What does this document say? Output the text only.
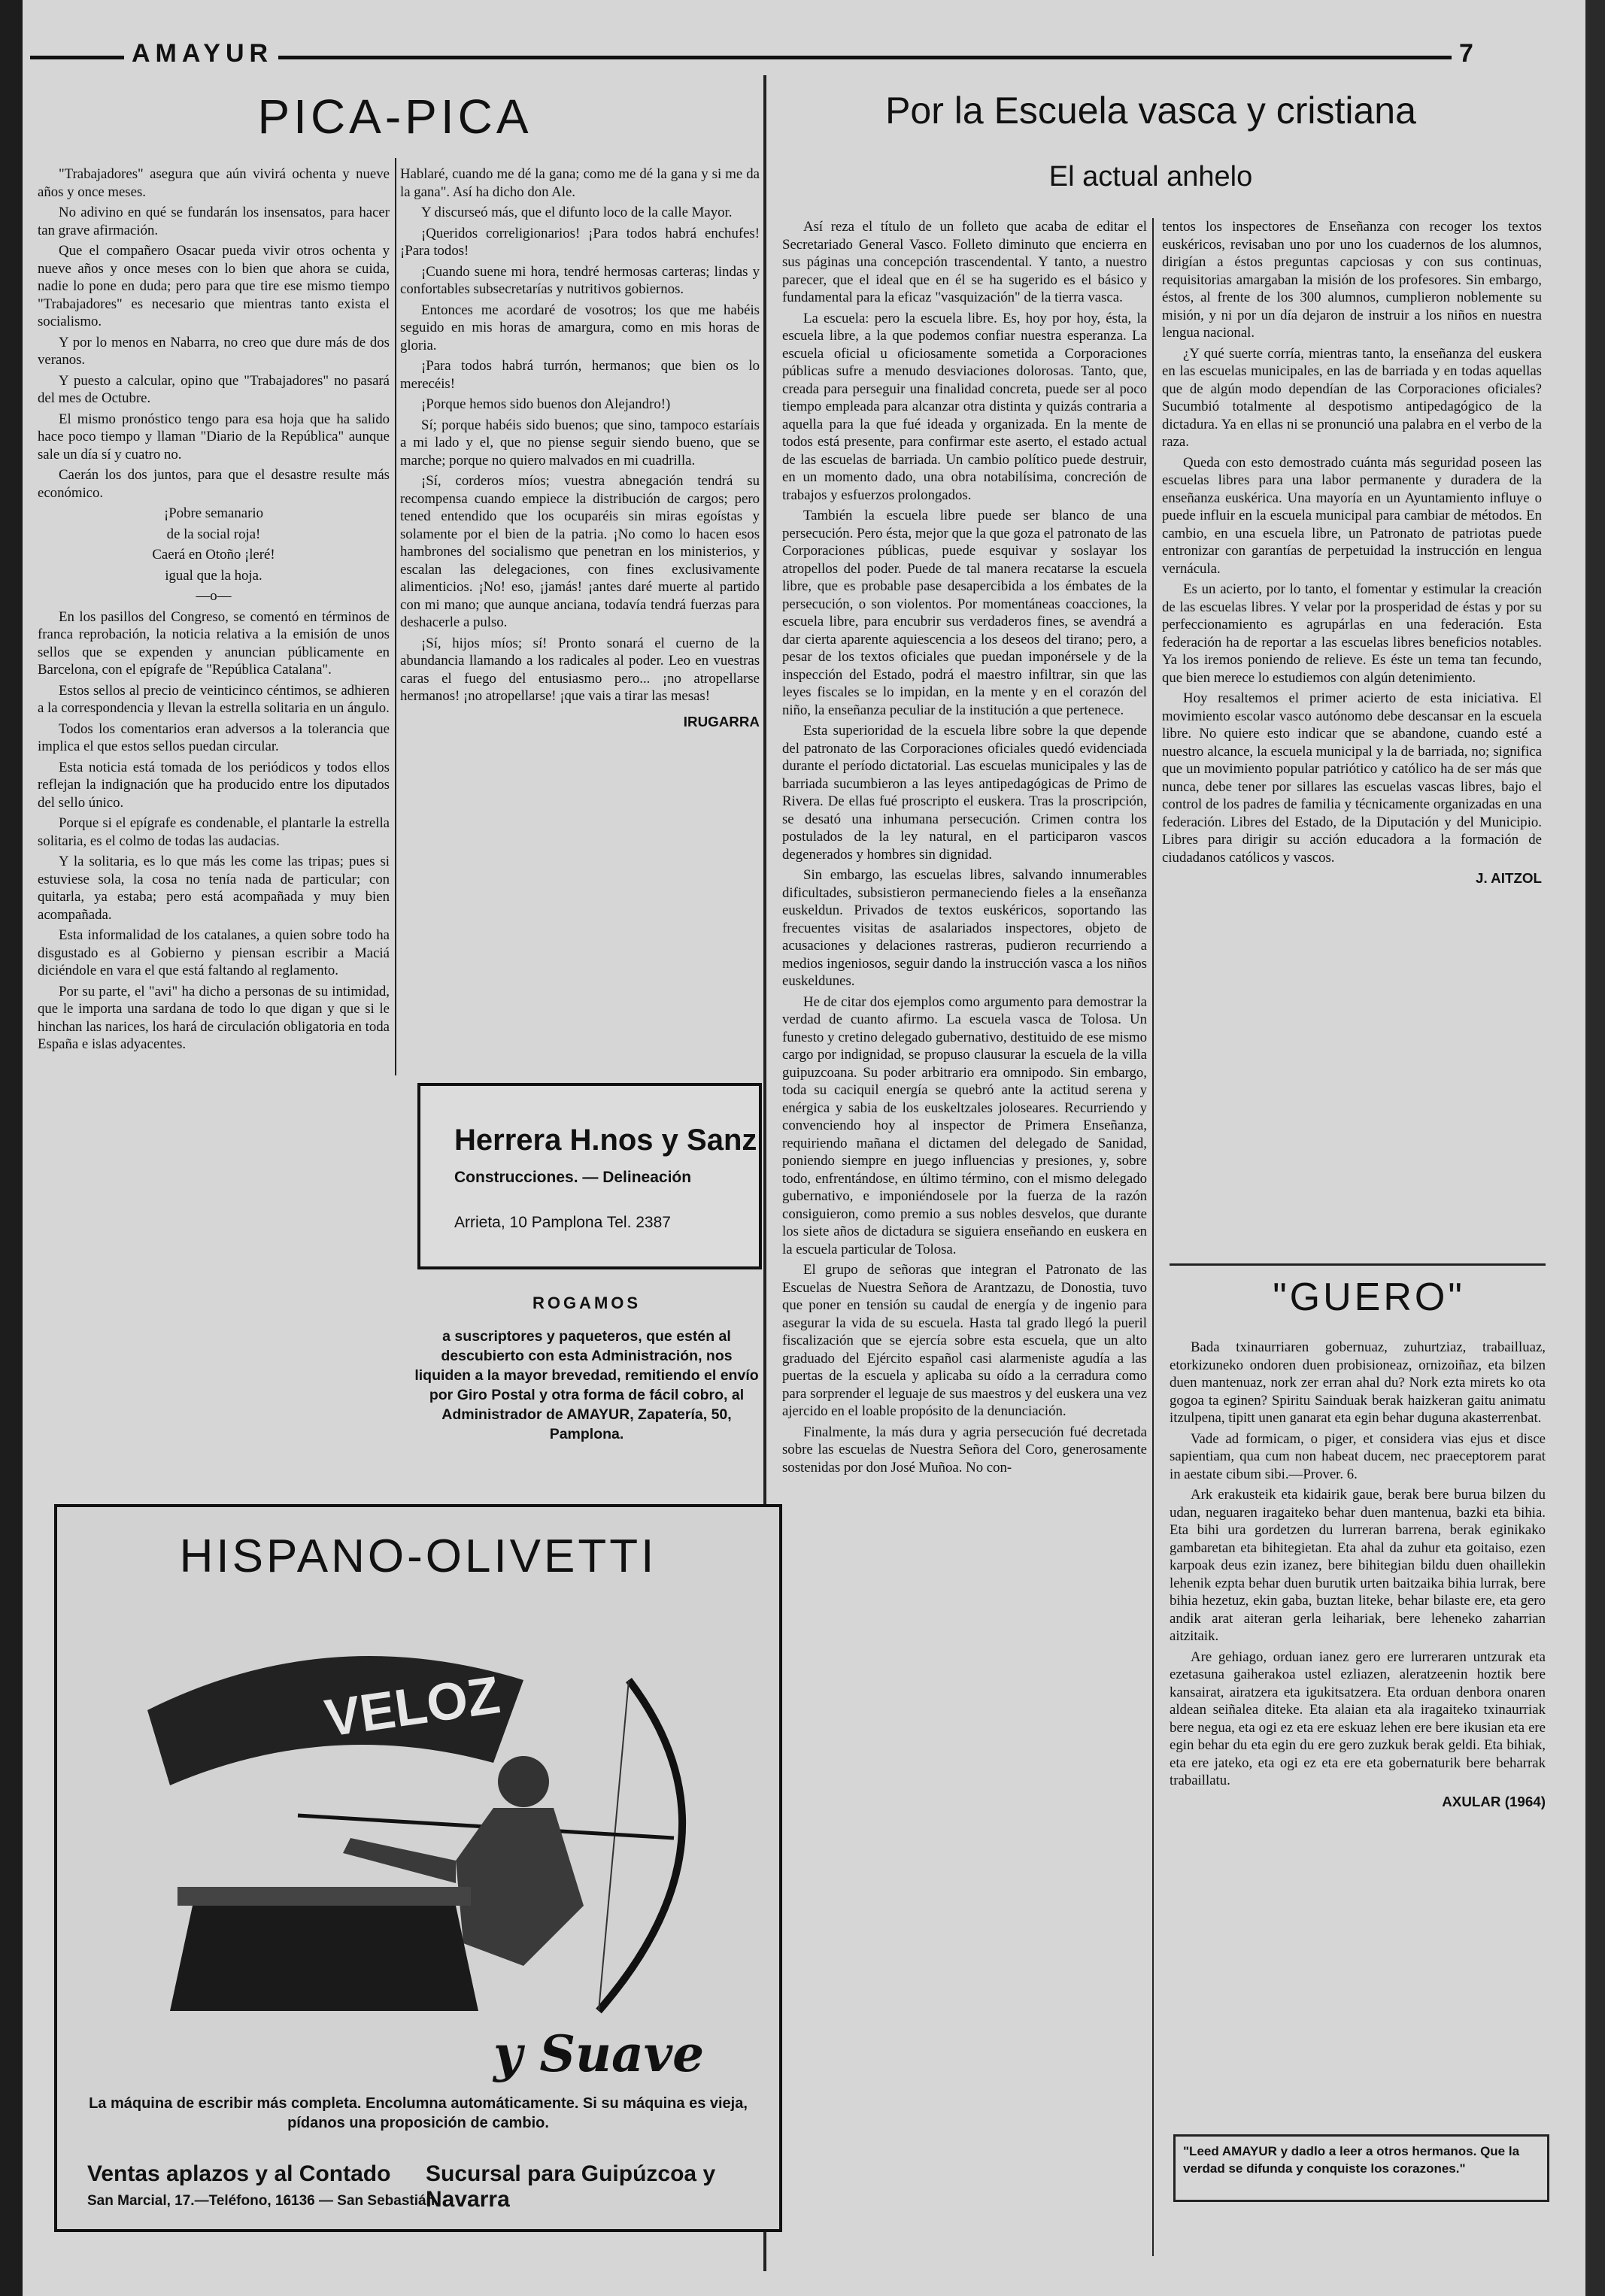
AMAYUR	7
PICA-PICA

"Trabajadores" asegura que aún vivirá ochenta y nueve años y once meses.

No adivino en qué se fundarán los insensatos, para hacer tan grave afirmación.

Que el compañero Osacar pueda vivir otros ochenta y nueve años y once meses con lo bien que ahora se cuida, nadie lo pone en duda; pero para que tire ese mismo tiempo "Trabajadores" es necesario que mientras tanto exista el socialismo.

Y por lo menos en Nabarra, no creo que dure más de dos veranos.

Y puesto a calcular, opino que "Trabajadores" no pasará del mes de Octubre.

El mismo pronóstico tengo para esa hoja que ha salido hace poco tiempo y llaman "Diario de la República" aunque sale un día sí y cuatro no.

Caerán los dos juntos, para que el desastre resulte más económico.

¡Pobre semanario

de la social roja!

Caerá en Otoño ¡leré!

igual que la hoja.

—o—

En los pasillos del Congreso, se comentó en términos de franca reprobación, la noticia relativa a la emisión de unos sellos que se expenden y anuncian públicamente en Barcelona, con el epígrafe de "República Catalana".

Estos sellos al precio de veinticinco céntimos, se adhieren a la correspondencia y llevan la estrella solitaria en un ángulo.

Todos los comentarios eran adversos a la tolerancia que implica el que estos sellos puedan circular.

Esta noticia está tomada de los periódicos y todos ellos reflejan la indignación que ha producido entre los diputados del sello único.

Porque si el epígrafe es condenable, el plantarle la estrella solitaria, es el colmo de todas las audacias.

Y la solitaria, es lo que más les come las tripas; pues si estuviese sola, la cosa no tenía nada de particular; con quitarla, ya estaba; pero está acompañada y muy bien acompañada.

Esta informalidad de los catalanes, a quien sobre todo ha disgustado es al Gobierno y piensan escribir a Maciá diciéndole en vara el que está faltando al reglamento.

Por su parte, el "avi" ha dicho a personas de su intimidad, que le importa una sardana de todo lo que digan y que si le hinchan las narices, los hará de circulación obligatoria en toda España e islas adyacentes.

Hablaré, cuando me dé la gana; como me dé la gana y si me da la gana". Así ha dicho don Ale.

Y discurseó más, que el difunto loco de la calle Mayor.

¡Queridos correligionarios! ¡Para todos habrá enchufes! ¡Para todos!

¡Cuando suene mi hora, tendré hermosas carteras; lindas y confortables subsecretarías y nutritivos gobiernos.

Entonces me acordaré de vosotros; los que me habéis seguido en mis horas de amargura, como en mis horas de gloria.

¡Para todos habrá turrón, hermanos; que bien os lo merecéis!

¡Porque hemos sido buenos don Alejandro!)

Sí; porque habéis sido buenos; que sino, tampoco estaríais a mi lado y el, que no piense seguir siendo bueno, que se marche; porque no quiero malvados en mi cuadrilla.

¡Sí, corderos míos; vuestra abnegación tendrá su recompensa cuando empiece la distribución de cargos; pero tened entendido que los ocuparéis sin miras egoístas y solamente por el bien de la patria. ¡No como lo hacen esos hambrones del socialismo que penetran en los ministerios, y escalan las delegaciones, con fines exclusivamente alimenticios. ¡No! eso, ¡jamás! ¡antes daré muerte al partido con mi mano; que aunque anciana, todavía tendrá fuerzas para deshacerle a pulso.

¡Sí, hijos míos; sí! Pronto sonará el cuerno de la abundancia llamando a los radicales al poder. Leo en vuestras caras el fuego del entusiasmo pero... ¡no atropellarse hermanos! ¡no atropellarse! ¡que vais a tirar las mesas!

IRUGARRA

Herrera H.nos y Sanz
Construcciones. — Delineación
Arrieta, 10 Pamplona Tel. 2387
ROGAMOS
a suscriptores y paqueteros, que estén al descubierto con esta Administración, nos liquiden a la mayor brevedad, remitiendo el envío por Giro Postal y otra forma de fácil cobro, al Administrador de AMAYUR, Zapatería, 50, Pamplona.
HISPANO-OLIVETTI
VELOZ
y Suave
La máquina de escribir más completa. Encolumna automáticamente. Si su máquina es vieja, pídanos una proposición de cambio.
Ventas aplazos y al Contado Sucursal para Guipúzcoa y Navarra
San Marcial, 17.—Teléfono, 16136 — San Sebastián
Por la Escuela vasca y cristiana
El actual anhelo

Así reza el título de un folleto que acaba de editar el Secretariado General Vasco. Folleto diminuto que encierra en sus páginas una concepción trascendental. Y tanto, a nuestro parecer, que el ideal que en él se ha sugerido es el básico y fundamental para la eficaz "vasquización" de la tierra vasca.

La escuela: pero la escuela libre. Es, hoy por hoy, ésta, la escuela libre, a la que podemos confiar nuestra esperanza. La escuela oficial u oficiosamente sometida a Corporaciones públicas sufre a menudo desviaciones dolorosas. Tanto, que, creada para perseguir una finalidad concreta, puede ser al poco tiempo empleada para alcanzar otra distinta y quizás contraria a aquella para la que fué ideada y organizada. En la mente de todos está presente, para confirmar este aserto, el estado actual de las escuelas de barriada. Un cambio político puede destruir, en un momento dado, una obra notabilísima, concreción de trabajos y esfuerzos prolongados.

También la escuela libre puede ser blanco de una persecución. Pero ésta, mejor que la que goza el patronato de las Corporaciones públicas, puede esquivar y soslayar los atropellos del poder. Puede de tal manera recatarse la escuela libre, que es probable pase desapercibida a los émbates de la persecución, o son violentos. Por momentáneas coacciones, la escuela libre, para encubrir sus verdaderos fines, se avendrá a dar cierta aparente aquiescencia a los deseos del tirano; pero, a pesar de los textos oficiales que puedan imponérsele y de la inspección del Estado, podrá el maestro infiltrar, sin que las leyes fiscales se lo impidan, en la mente y en el corazón del niño, la enseñanza peculiar de la institución a que pertenece.

Esta superioridad de la escuela libre sobre la que depende del patronato de las Corporaciones oficiales quedó evidenciada durante el período dictatorial. Las escuelas municipales y las de barriada sucumbieron a las leyes antipedagógicas de Primo de Rivera. De ellas fué proscripto el euskera. Tras la proscripción, se desató una inhumana persecución. Crimen contra los postulados de la ley natural, en el participaron vascos degenerados y hombres sin dignidad.

Sin embargo, las escuelas libres, salvando innumerables dificultades, subsistieron permaneciendo fieles a la enseñanza euskeldun. Privados de textos euskéricos, soportando las frecuentes visitas de asalariados inspectores, objeto de acusaciones y delaciones rastreras, pudieron recurriendo a medios ingeniosos, seguir dando la instrucción vasca a los niños euskeldunes.

He de citar dos ejemplos como argumento para demostrar la verdad de cuanto afirmo. La escuela vasca de Tolosa. Un funesto y cretino delegado gubernativo, destituido de ese mismo cargo por indignidad, se propuso clausurar la escuela de la villa guipuzcoana. Su poder arbitrario era omnipodo. Sin embargo, toda su caciquil energía se quebró ante la actitud serena y enérgica y sabia de los euskeltzales joloseares. Recurriendo y convenciendo hoy al inspector de Primera Enseñanza, requiriendo mañana el dictamen del delegado de Sanidad, poniendo siempre en juego influencias y presiones, y, sobre todo, enfrentándose, en último término, con el mismo delegado gubernativo, e imponiéndosele por la fuerza de la razón consiguieron, como premio a sus nobles desvelos, que durante los siete años de dictadura se siguiera enseñando en euskera en la escuela particular de Tolosa.

El grupo de señoras que integran el Patronato de las Escuelas de Nuestra Señora de Arantzazu, de Donostia, tuvo que poner en tensión su caudal de energía y de ingenio para asegurar la vida de su escuela. Hasta tal grado llegó la pueril fiscalización que se ejercía sobre esta escuela, que un alto graduado del Ejército español casi alarmeniste agudía a las puertas de la escuela y aplicaba su oído a la cerradura como para sorprender el leguaje de sus maestros y del euskera una vez ajercido en el loable propósito de la denunciación.

Finalmente, la más dura y agria persecución fué decretada sobre las escuelas de Nuestra Señora del Coro, generosamente sostenidas por don José Muñoa. No con-

tentos los inspectores de Enseñanza con recoger los textos euskéricos, revisaban uno por uno los cuadernos de los alumnos, dirigían a éstos preguntas capciosas y con sus continuas, requisitorias amargaban la misión de los profesores. Sin embargo, éstos, al frente de los 300 alumnos, cumplieron noblemente su misión, y ni por un día dejaron de instruir a los niños en nuestra lengua nacional.

¿Y qué suerte corría, mientras tanto, la enseñanza del euskera en las escuelas municipales, en las de barriada y en todas aquellas que de algún modo dependían de las Corporaciones oficiales? Sucumbió totalmente al despotismo antipedagógico de la dictadura. Ya en ellas ni se pronunció una palabra en el verbo de la raza.

Queda con esto demostrado cuánta más seguridad poseen las escuelas libres para una labor permanente y duradera de la enseñanza euskérica. Una mayoría en un Ayuntamiento influye o puede influir en la escuela municipal para cambiar de métodos. En cambio, en una escuela libre, un Patronato de patriotas puede entronizar con garantías de perpetuidad la instrucción en lengua vernácula.

Es un acierto, por lo tanto, el fomentar y estimular la creación de las escuelas libres. Y velar por la prosperidad de éstas y por su perfeccionamiento es agrupárlas en una federación. Esta federación ha de reportar a las escuelas libres beneficios notables. Ya los iremos poniendo de relieve. Es éste un tema tan fecundo, que bien merece lo estudiemos con algún detenimiento.

Hoy resaltemos el primer acierto de esta iniciativa. El movimiento escolar vasco autónomo debe descansar en la escuela libre. No quiere esto indicar que se abandone, cuando esté a nuestro alcance, la escuela municipal y la de barriada, no; significa que un movimiento popular patriótico y católico ha de ser más que nunca, debe tener por sillares las escuelas vascas libres, bajo el control de los padres de familia y técnicamente organizadas en una federación. Libres del Estado, de la Diputación y del Municipio. Libres para dirigir su acción educadora a la formación de ciudadanos católicos y vascos.

J. AITZOL

"GUERO"

Bada txinaurriaren gobernuaz, zuhurtziaz, trabailluaz, etorkizuneko ondoren duen probisioneaz, ornizoiñaz, eta bilzen duen mantenuaz, nork zer erran ahal du? Nork ezta mirets ko ota gogoa ta eginen? Spiritu Sainduak berak haizkeran gaitu animatu itzulpena, tipitt unen ganarat eta egin behar duguna akasterrenbat.

Vade ad formicam, o piger, et considera vias ejus et disce sapientiam, qua cum non habeat ducem, nec praeceptorem parat in aestate cibum sibi.—Prover. 6.

Ark erakusteik eta kidairik gaue, berak bere burua bilzen du udan, neguaren iragaiteko behar duen mantenua, bazki eta bihia. Eta bihi ura gordetzen du lurreran barrena, berak eginikako gambaretan eta bihitegietan. Eta ahal da zuhur eta goitaiso, ezen karpoak deus ezin izanez, bere bihitegian bildu duen ohaillekin lehenik ezpta behar duen burutik urten baitzaika bihia lurrak, bere bihia hezetuz, ekin gaba, buztan liteke, behar bilaste ere, eta gero andik arat aiteran gerla leihariak, bere leheneko zaharrian aitzitaik.

Are gehiago, orduan ianez gero ere lurreraren untzurak eta ezetasuna gaiherakoa ustel ezliazen, aleratzeenin hoztik bere kansairat, airatzera eta igukitsatzera. Eta orduan denbora onaren aldean seiñalea diteke. Eta alaian eta ala iragaiteko txinaurriak bere negua, eta ogi ez eta ere eskuaz lehen ere bere ikusian eta ere egin behar du eta egin du ere gero zuzkuk berak geldi. Eta bihiak, eta ere jateko, eta ogi ez eta ere eta gobernaturik bere beharrak trabaillatu.

AXULAR (1964)

"Leed AMAYUR y dadlo a leer a otros hermanos. Que la verdad se difunda y conquiste los corazones."
